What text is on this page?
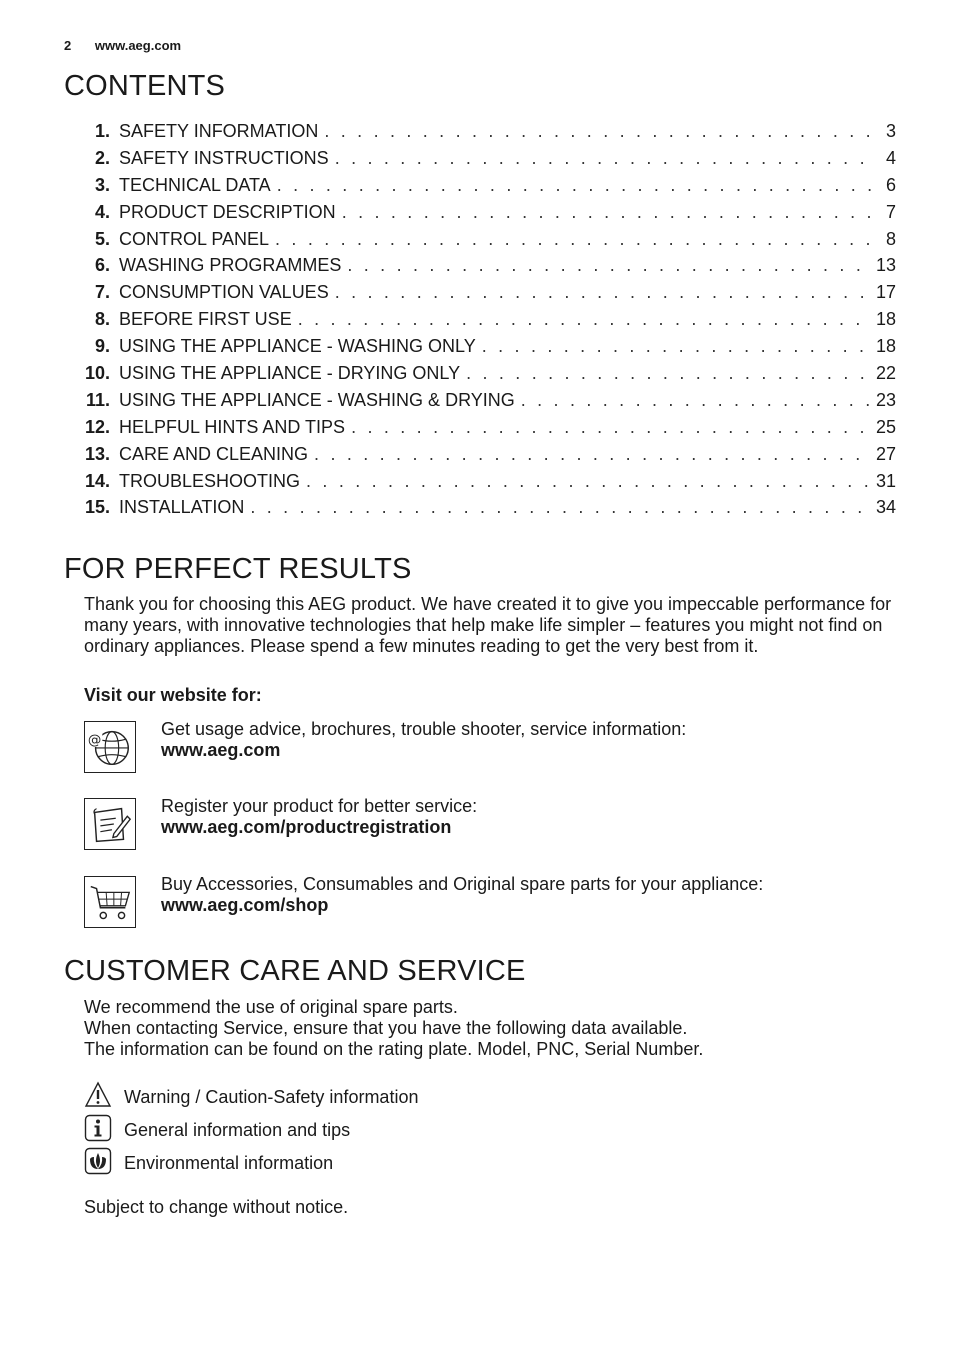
2 www.aeg.com
CONTENTS
1. SAFETY INFORMATION . . .	3
2. SAFETY INSTRUCTIONS . . .	4
3. TECHNICAL DATA . . .	6
4. PRODUCT DESCRIPTION . . .	7
5. CONTROL PANEL . . .	8
6. WASHING PROGRAMMES . . .	13
7. CONSUMPTION VALUES . . .	17
8. BEFORE FIRST USE . . .	18
9. USING THE APPLIANCE - WASHING ONLY . . .	18
10. USING THE APPLIANCE - DRYING ONLY . . .	22
11. USING THE APPLIANCE - WASHING & DRYING . . .	23
12. HELPFUL HINTS AND TIPS . . .	25
13. CARE AND CLEANING . . .	27
14. TROUBLESHOOTING . . .	31
15. INSTALLATION . . .	34
FOR PERFECT RESULTS

Thank you for choosing this AEG product. We have created it to give you impeccable performance for many years, with innovative technologies that help make life simpler – features you might not find on ordinary appliances. Please spend a few minutes reading to get the very best from it.

Visit our website for:

@
Get usage advice, brochures, trouble shooter, service information:
www.aeg.com
Register your product for better service:
www.aeg.com/productregistration
Buy Accessories, Consumables and Original spare parts for your appliance:
www.aeg.com/shop
CUSTOMER CARE AND SERVICE

We recommend the use of original spare parts.

When contacting Service, ensure that you have the following data available.

The information can be found on the rating plate. Model, PNC, Serial Number.

Warning / Caution-Safety information
General information and tips
Environmental information

Subject to change without notice.
